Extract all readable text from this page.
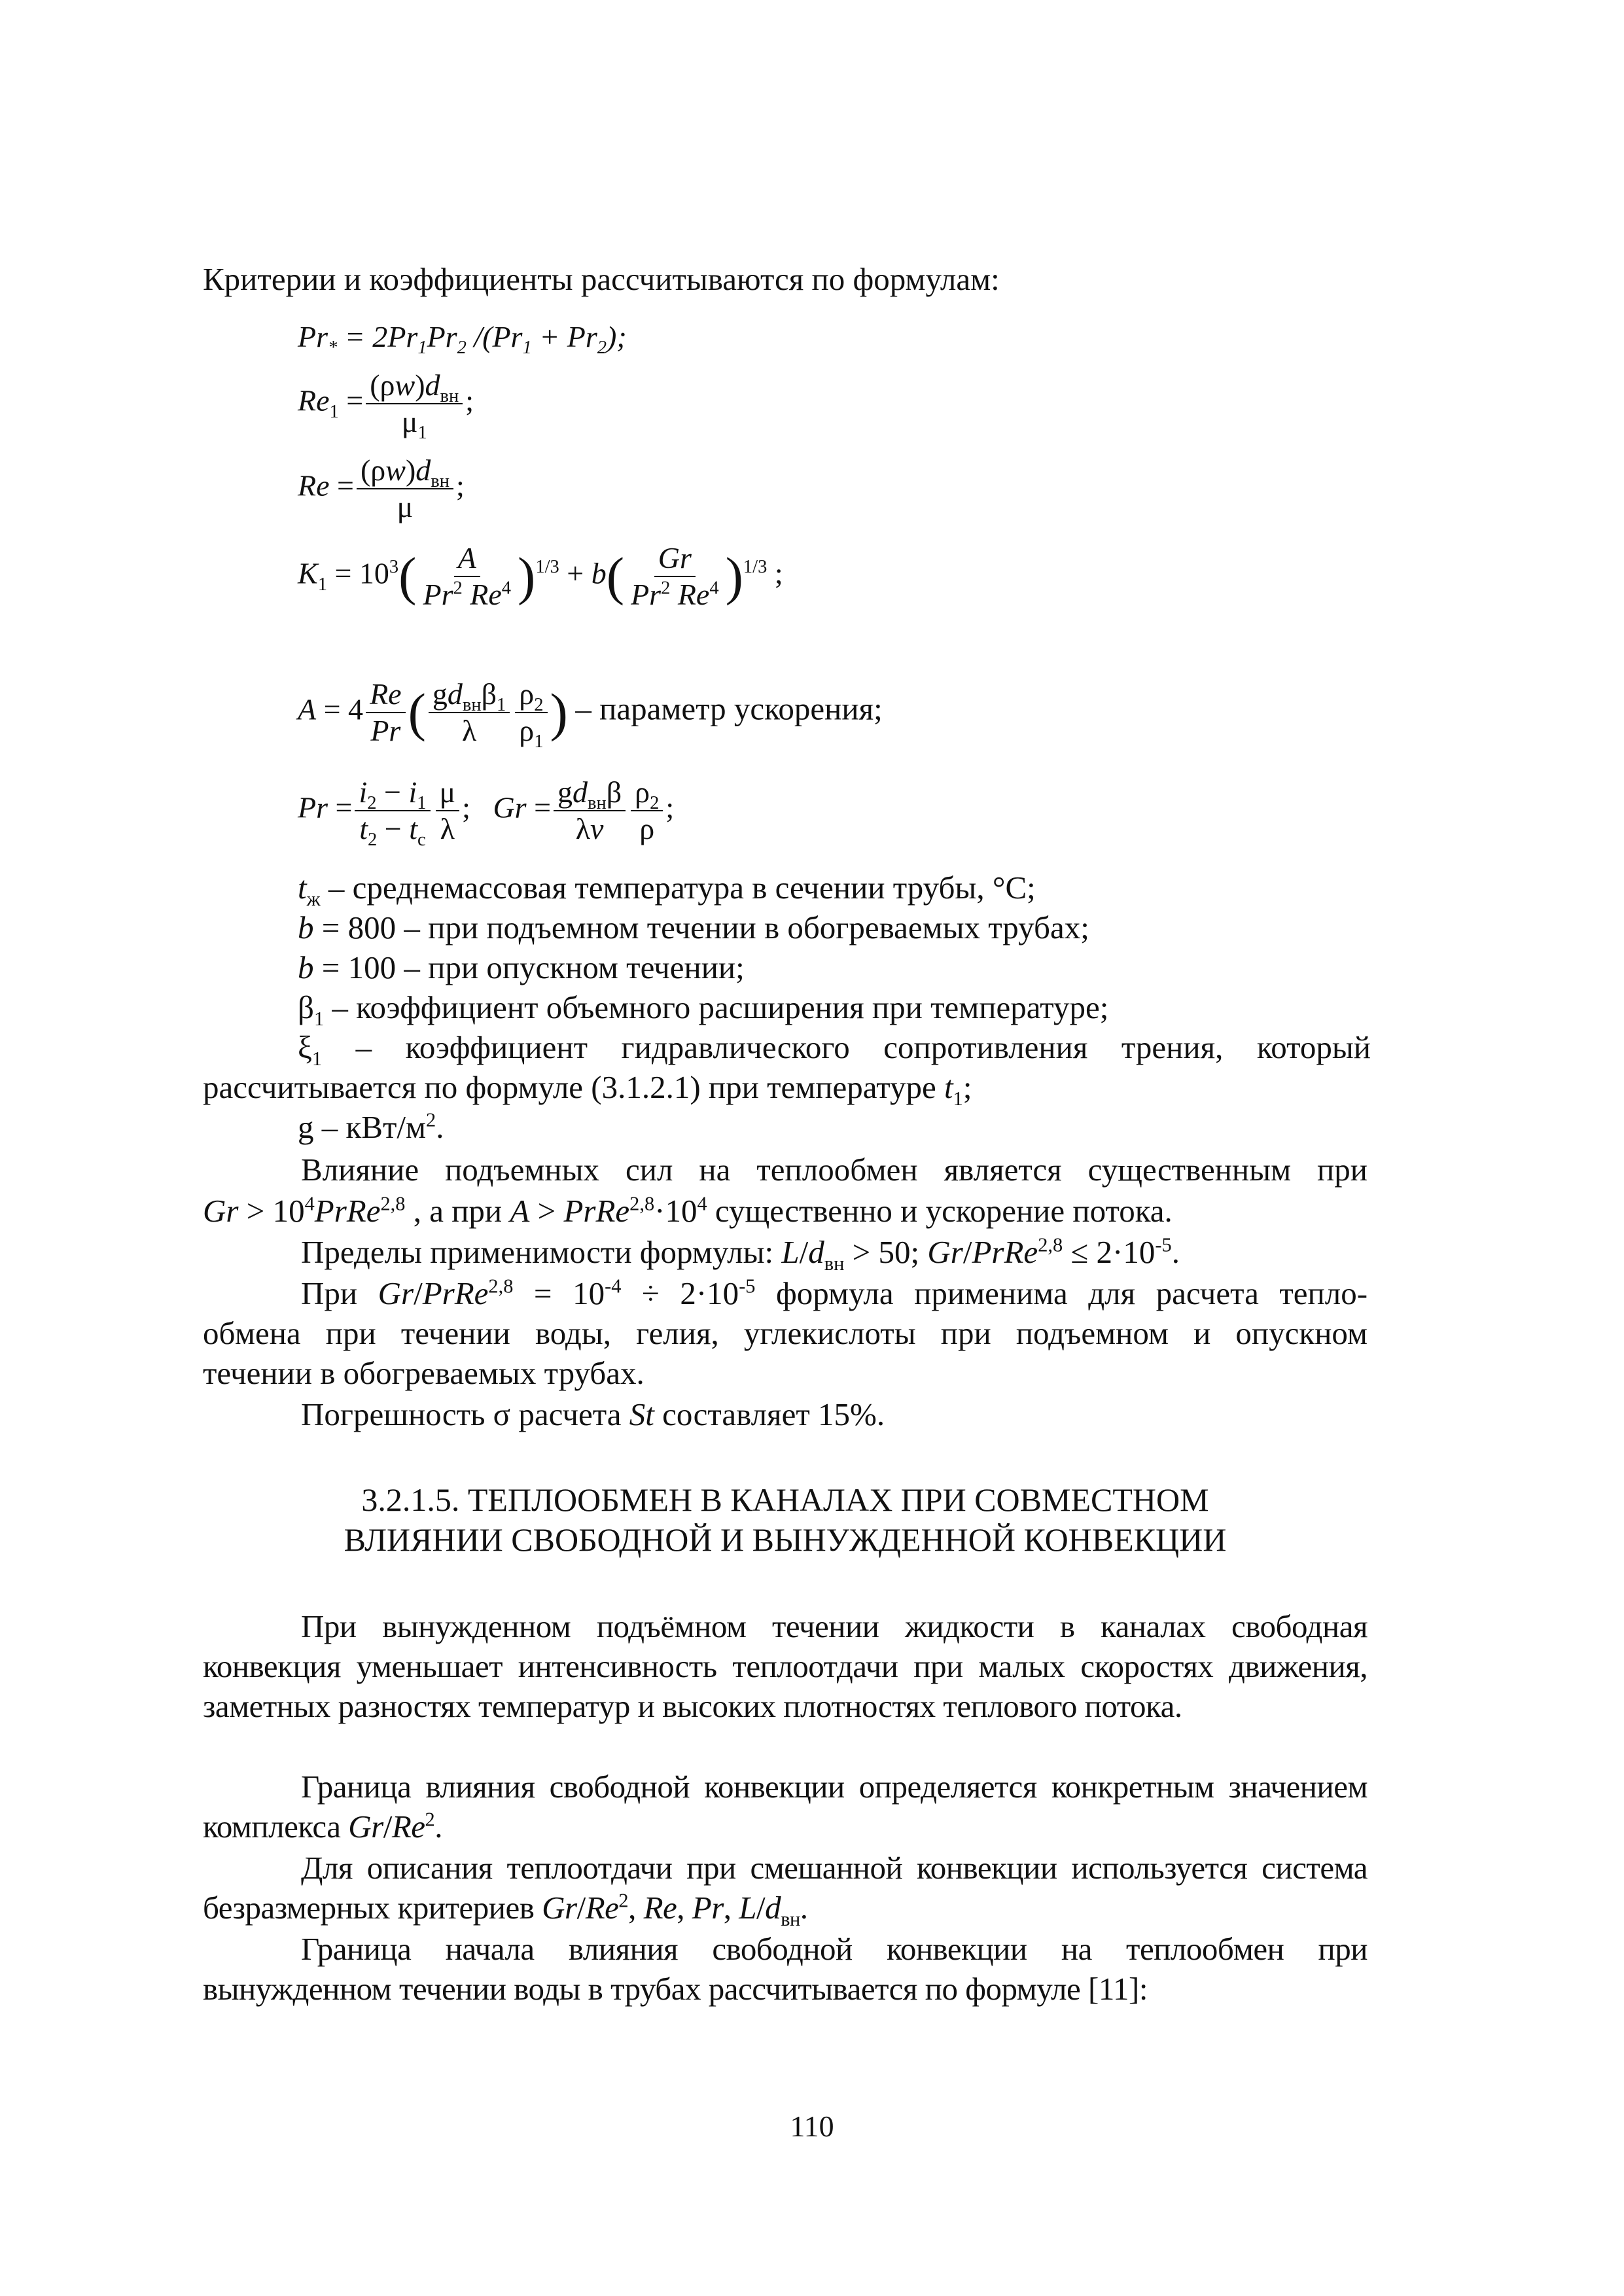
Критерии и коэффициенты рассчитываются по формулам:
$Pr_* = 2Pr_1Pr_2$ $/(Pr_1 + Pr_2)$;
$Re_1 = \frac{(\rho w)d_{вн}}{\mu_1}$ ;
$Re = \frac{(\rho w)d_{вн}}{\mu}$ ;
$K_1 = 10^3( \frac{A}{Pr^2 Re^4} )^{1/3} + b( \frac{Gr}{Pr^2 Re^4} )^{1/3}$ ;
$A = 4 \frac{Re}{Pr}$ ( $\frac{gd_{вн}\beta_1}{\lambda} \frac{\rho_2}{\rho_1}$ ) – параметр ускорения;
$Pr = \frac{i_2 - i_1}{t_2 - t_c} \frac{\mu}{\lambda}$ ;   $Gr = \frac{gd_{вн}\beta}{\lambda\nu} \frac{\rho_2}{\rho}$ ;
$t_ж$ – среднемассовая температура в сечении трубы, °С;
b = 800 – при подъемном течении в обогреваемых трубах;
b = 100 – при опускном течении;
$\beta_1$ – коэффициент объемного расширения при температуре;
$\xi_1$ – коэффициент гидравлического сопротивления трения, который
рассчитывается по формуле (3.1.2.1) при температуре $t_1$;
g – кВт/$м^2$.
Влияние подъемных сил на теплообмен является существенным при
$Gr > 10^4PrRe^{2,8}$ , а при $A > PrRe^{2,8}\cdot 10^4$ существенно и ускорение потока.
Пределы применимости формулы: $L/d_{вн} > 50$; Gr/PrRe$^{2,8}$ ≤ $2\cdot 10^{-5}$.
При Gr/PrRe$^{2,8}$ = $10^{-4} \div 2\cdot 10^{-5}$ формула применима для расчета тепло-
обмена при течении воды, гелия, углекислоты при подъемном и опускном
течении в обогреваемых трубах.
Погрешность σ расчета St составляет 15%.
3.2.1.5. ТЕПЛООБМЕН В КАНАЛАХ ПРИ СОВМЕСТНОМ
ВЛИЯНИИ СВОБОДНОЙ И ВЫНУЖДЕННОЙ КОНВЕКЦИИ
При вынужденном подъёмном течении жидкости в каналах свободная конвекция уменьшает интенсивность теплоотдачи при малых скоростях движения, заметных разностях температур и высоких плотностях теплового потока.
Граница влияния свободной конвекции определяется конкретным значением комплекса Gr/Re$^2$.
Для описания теплоотдачи при смешанной конвекции используется система безразмерных критериев Gr/Re$^2$, Re, Pr, $L/d_{вн}$.
Граница начала влияния свободной конвекции на теплообмен при вынужденном течении воды в трубах рассчитывается по формуле [11]:
110
